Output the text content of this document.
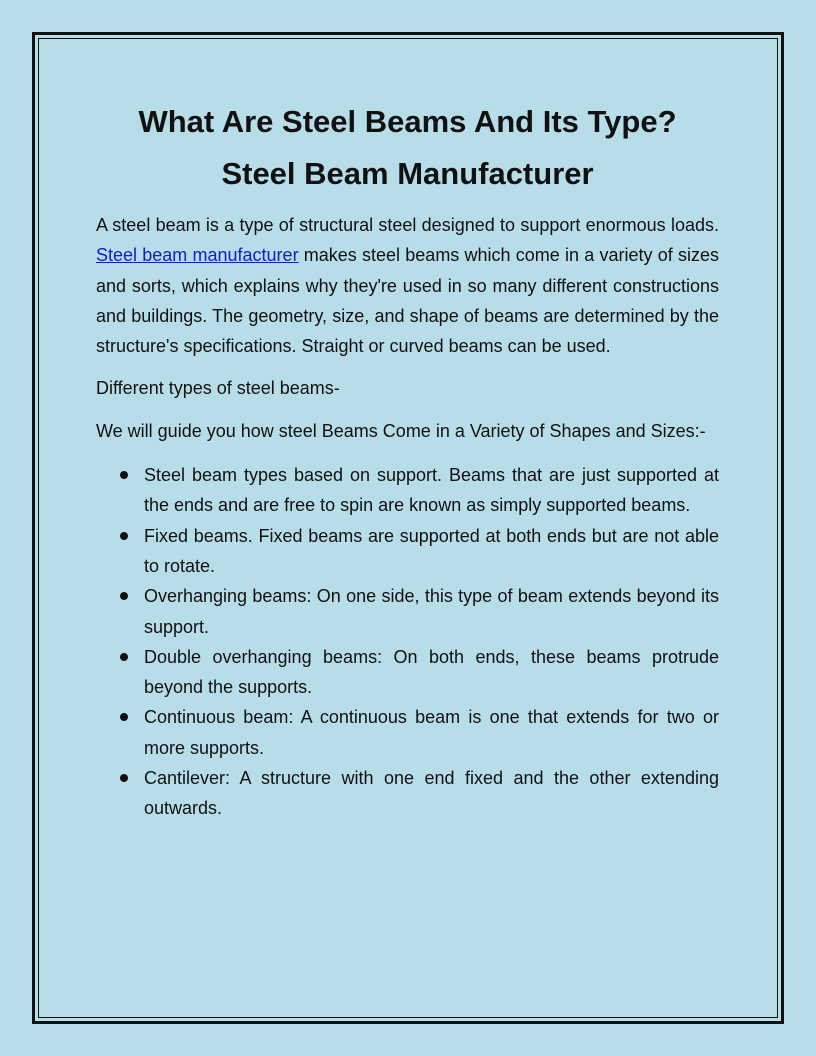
What Are Steel Beams And Its Type?
Steel Beam Manufacturer

A steel beam is a type of structural steel designed to support enormous loads. Steel beam manufacturer makes steel beams which come in a variety of sizes and sorts, which explains why they're used in so many different constructions and buildings. The geometry, size, and shape of beams are determined by the structure's specifications. Straight or curved beams can be used.

Different types of steel beams-

We will guide you how steel Beams Come in a Variety of Shapes and Sizes:-

Steel beam types based on support. Beams that are just supported at the ends and are free to spin are known as simply supported beams.
Fixed beams. Fixed beams are supported at both ends but are not able to rotate.
Overhanging beams: On one side, this type of beam extends beyond its support.
Double overhanging beams: On both ends, these beams protrude beyond the supports.
Continuous beam: A continuous beam is one that extends for two or more supports.
Cantilever: A structure with one end fixed and the other extending outwards.
